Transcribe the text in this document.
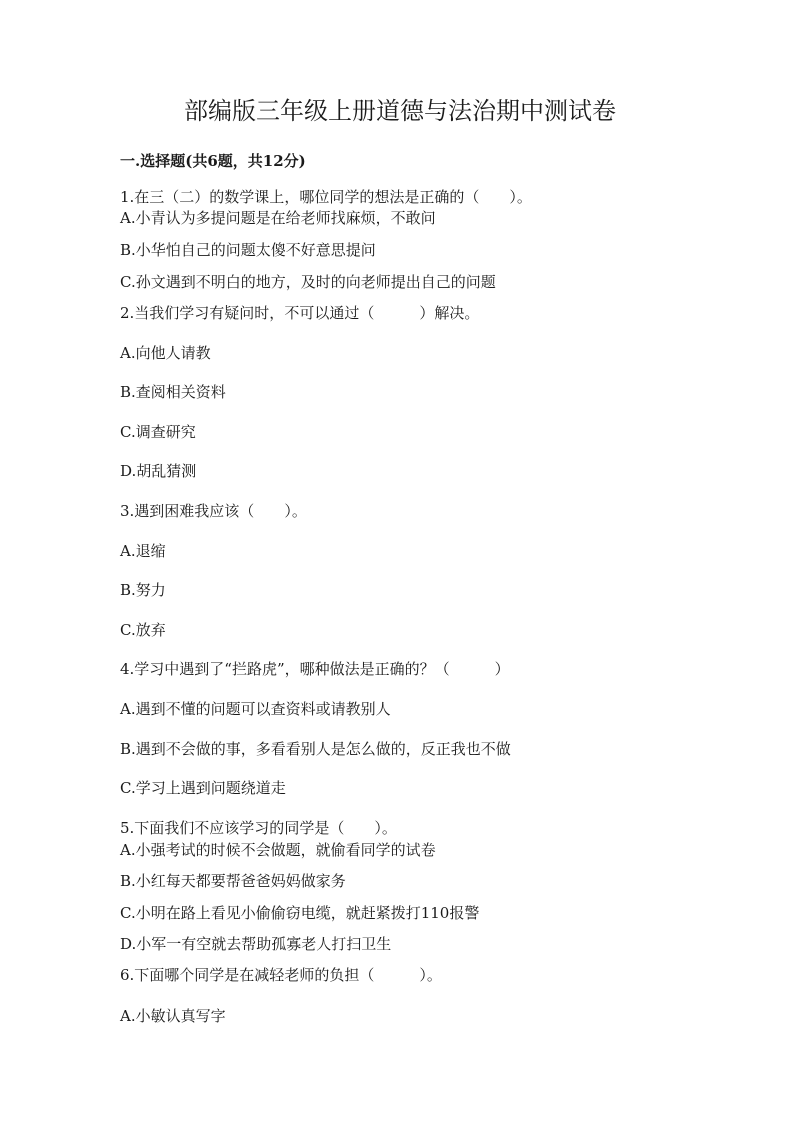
部编版三年级上册道德与法治期中测试卷
一.选择题(共6题，共12分)

1.在三（二）的数学课上，哪位同学的想法是正确的（　　）。

A.小青认为多提问题是在给老师找麻烦，不敢问

B.小华怕自己的问题太傻不好意思提问

C.孙文遇到不明白的地方，及时的向老师提出自己的问题

2.当我们学习有疑问时，不可以通过（　　　）解决。

A.向他人请教

B.查阅相关资料

C.调查研究

D.胡乱猜测

3.遇到困难我应该（　　）。

A.退缩

B.努力

C.放弃

4.学习中遇到了“拦路虎”，哪种做法是正确的？（　　　）

A.遇到不懂的问题可以查资料或请教别人

B.遇到不会做的事，多看看别人是怎么做的，反正我也不做

C.学习上遇到问题绕道走

5.下面我们不应该学习的同学是（　　）。

A.小强考试的时候不会做题，就偷看同学的试卷

B.小红每天都要帮爸爸妈妈做家务

C.小明在路上看见小偷偷窃电缆，就赶紧拨打110报警

D.小军一有空就去帮助孤寡老人打扫卫生

6.下面哪个同学是在减轻老师的负担（　　　）。

A.小敏认真写字
